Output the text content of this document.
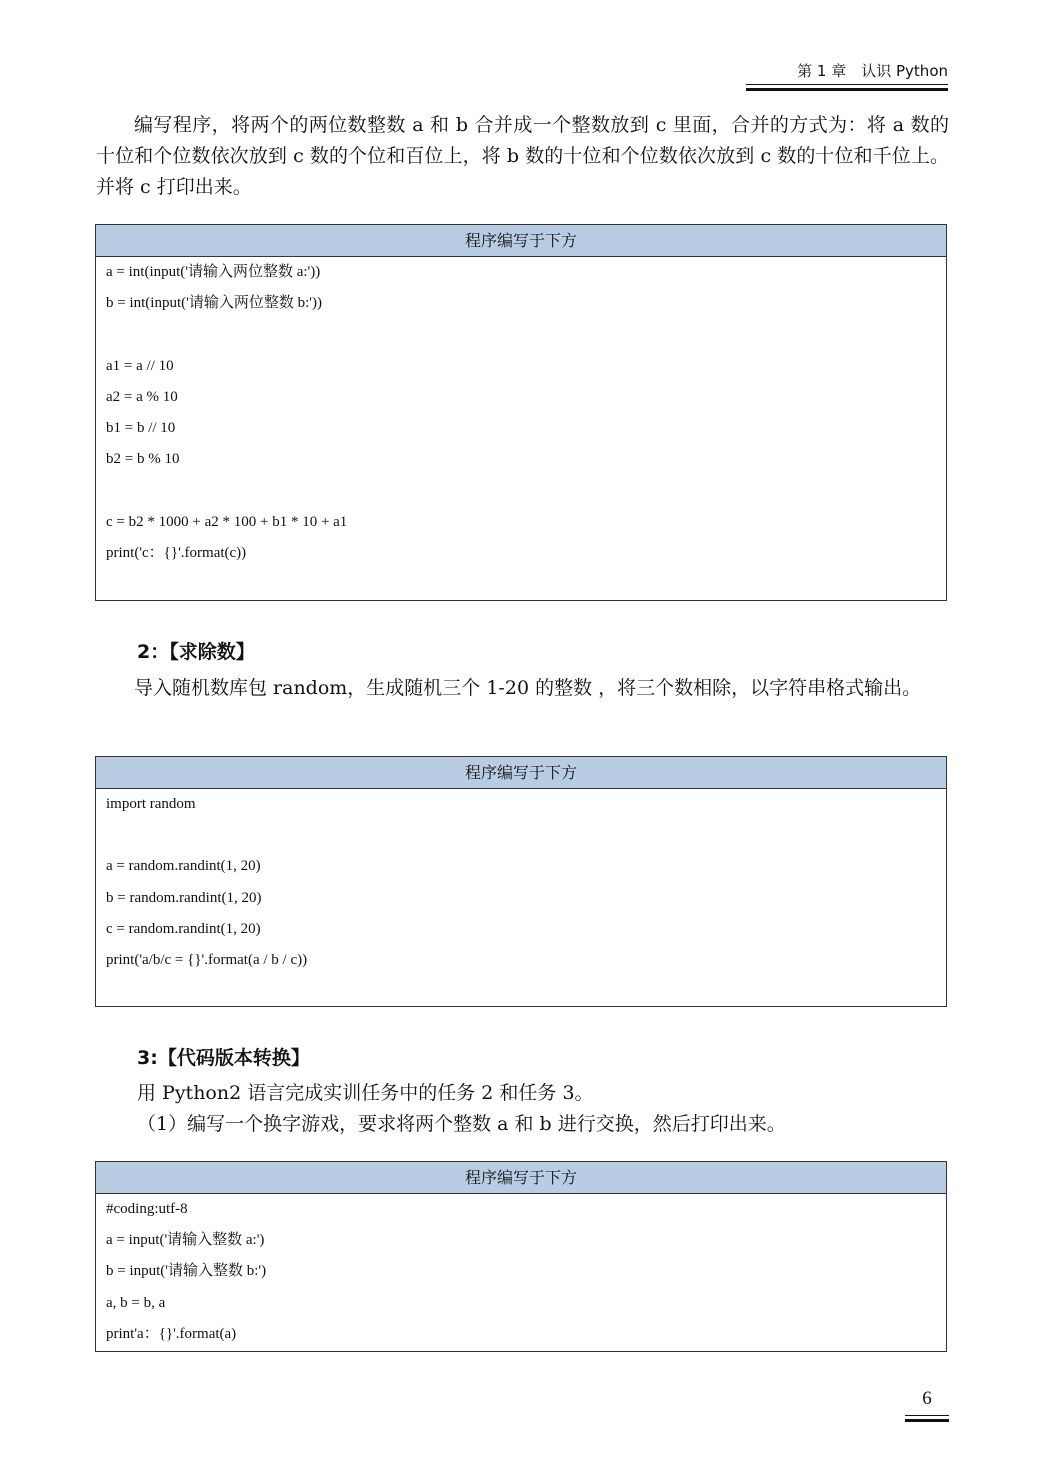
第 1 章　认识 Python

编写程序，将两个的两位数整数 a 和 b 合并成一个整数放到 c 里面，合并的方式为：将 a 数的十位和个位数依次放到 c 数的个位和百位上，将 b 数的十位和个位数依次放到 c 数的十位和千位上。并将 c 打印出来。

程序编写于下方
a = int(input('请输入两位整数 a:'))
b = int(input('请输入两位整数 b:'))
a1 = a // 10
a2 = a % 10
b1 = b // 10
b2 = b % 10
c = b2 * 1000 + a2 * 100 + b1 * 10 + a1
print('c：{}'.format(c))
2：【求除数】

导入随机数库包 random，生成随机三个 1-20 的整数 ，将三个数相除，以字符串格式输出。

程序编写于下方
import random
a = random.randint(1, 20)
b = random.randint(1, 20)
c = random.randint(1, 20)
print('a/b/c = {}'.format(a / b / c))
3:【代码版本转换】
用 Python2 语言完成实训任务中的任务 2 和任务 3。
（1）编写一个换字游戏，要求将两个整数 a 和 b 进行交换，然后打印出来。
程序编写于下方
#coding:utf-8
a = input('请输入整数 a:')
b = input('请输入整数 b:')
a, b = b, a
print'a：{}'.format(a)
6
